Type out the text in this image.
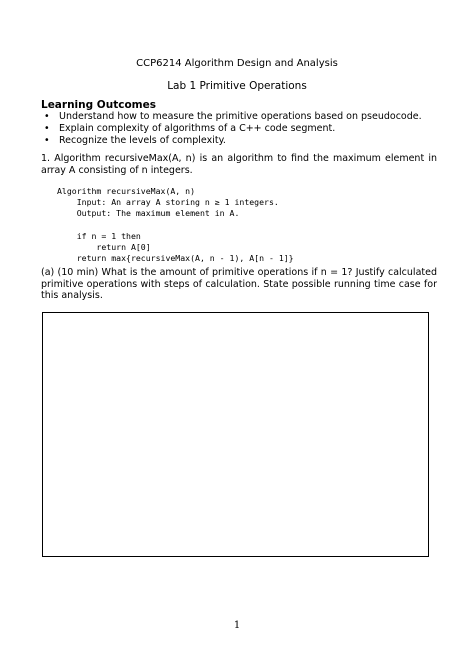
CCP6214 Algorithm Design and Analysis
Lab 1 Primitive Operations
Learning Outcomes
• Understand how to measure the primitive operations based on pseudocode.
• Explain complexity of algorithms of a C++ code segment.
• Recognize the levels of complexity.
1. Algorithm recursiveMax(A, n) is an algorithm to find the maximum element in array A consisting of n integers.
Algorithm recursiveMax(A, n)
Input: An array A storing n ≥ 1 integers.
Output: The maximum element in A.

if n = 1 then
return A[0]
return max{recursiveMax(A, n - 1), A[n - 1]}
(a) (10 min) What is the amount of primitive operations if n = 1? Justify calculated primitive operations with steps of calculation. State possible running time case for this analysis.
1
